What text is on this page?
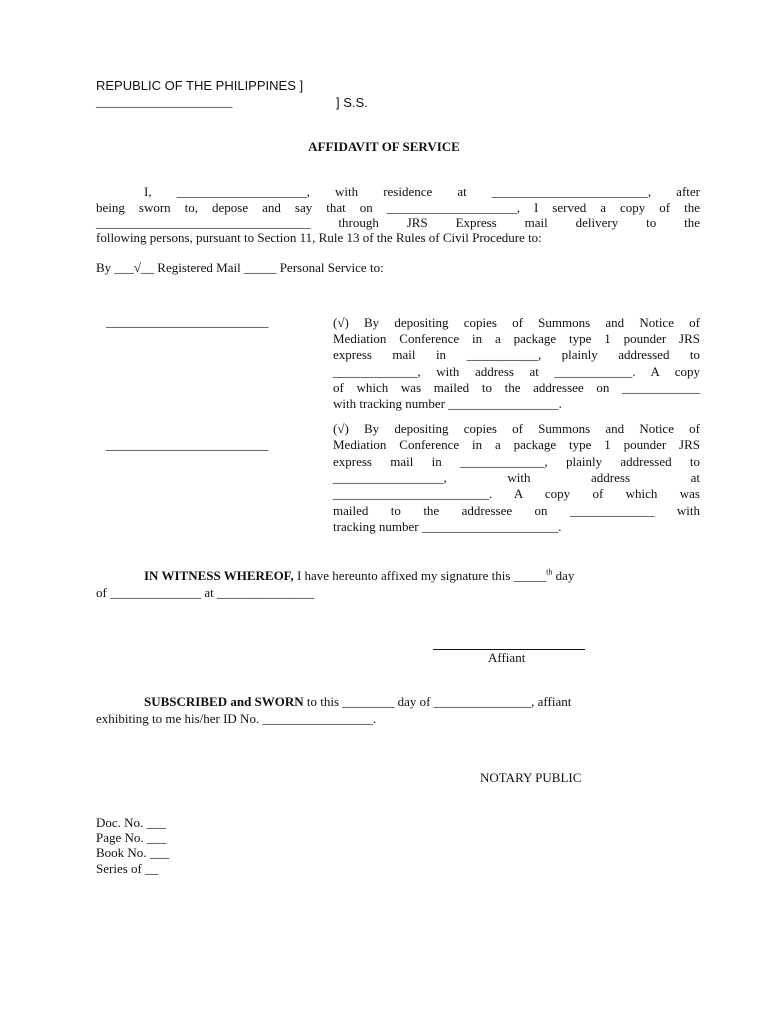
REPUBLIC OF THE PHILIPPINES ]
_____________________	] S.S.
AFFIDAVIT OF SERVICE
I, ____________________, with residence at ________________________, after
being sworn to, depose and say that on ____________________, I served a copy of the
_________________________________ through JRS Express mail delivery to the
following persons, pursuant to Section 11, Rule 13 of the Rules of Civil Procedure to:
By ___√__ Registered Mail _____ Personal Service to:
_________________________	(√) By depositing copies of Summons and Notice of
Mediation Conference in a package type 1 pounder JRS
express mail in ___________, plainly addressed to
_____________, with address at ____________. A copy
of which was mailed to the addressee on ____________
with tracking number _________________.
_________________________
(√) By depositing copies of Summons and Notice of
Mediation Conference in a package type 1 pounder JRS
express mail in _____________, plainly addressed to
_________________, with address at
________________________. A copy of which was
mailed to the addressee on _____________ with
tracking number _____________________.
IN WITNESS WHEREOF, I have hereunto affixed my signature this _____$^{th}$ day
of ______________ at _______________
Affiant
SUBSCRIBED and SWORN to this ________ day of _______________, affiant
exhibiting to me his/her ID No. _________________.
NOTARY PUBLIC
Doc. No. ___
Page No. ___
Book No. ___
Series of __
